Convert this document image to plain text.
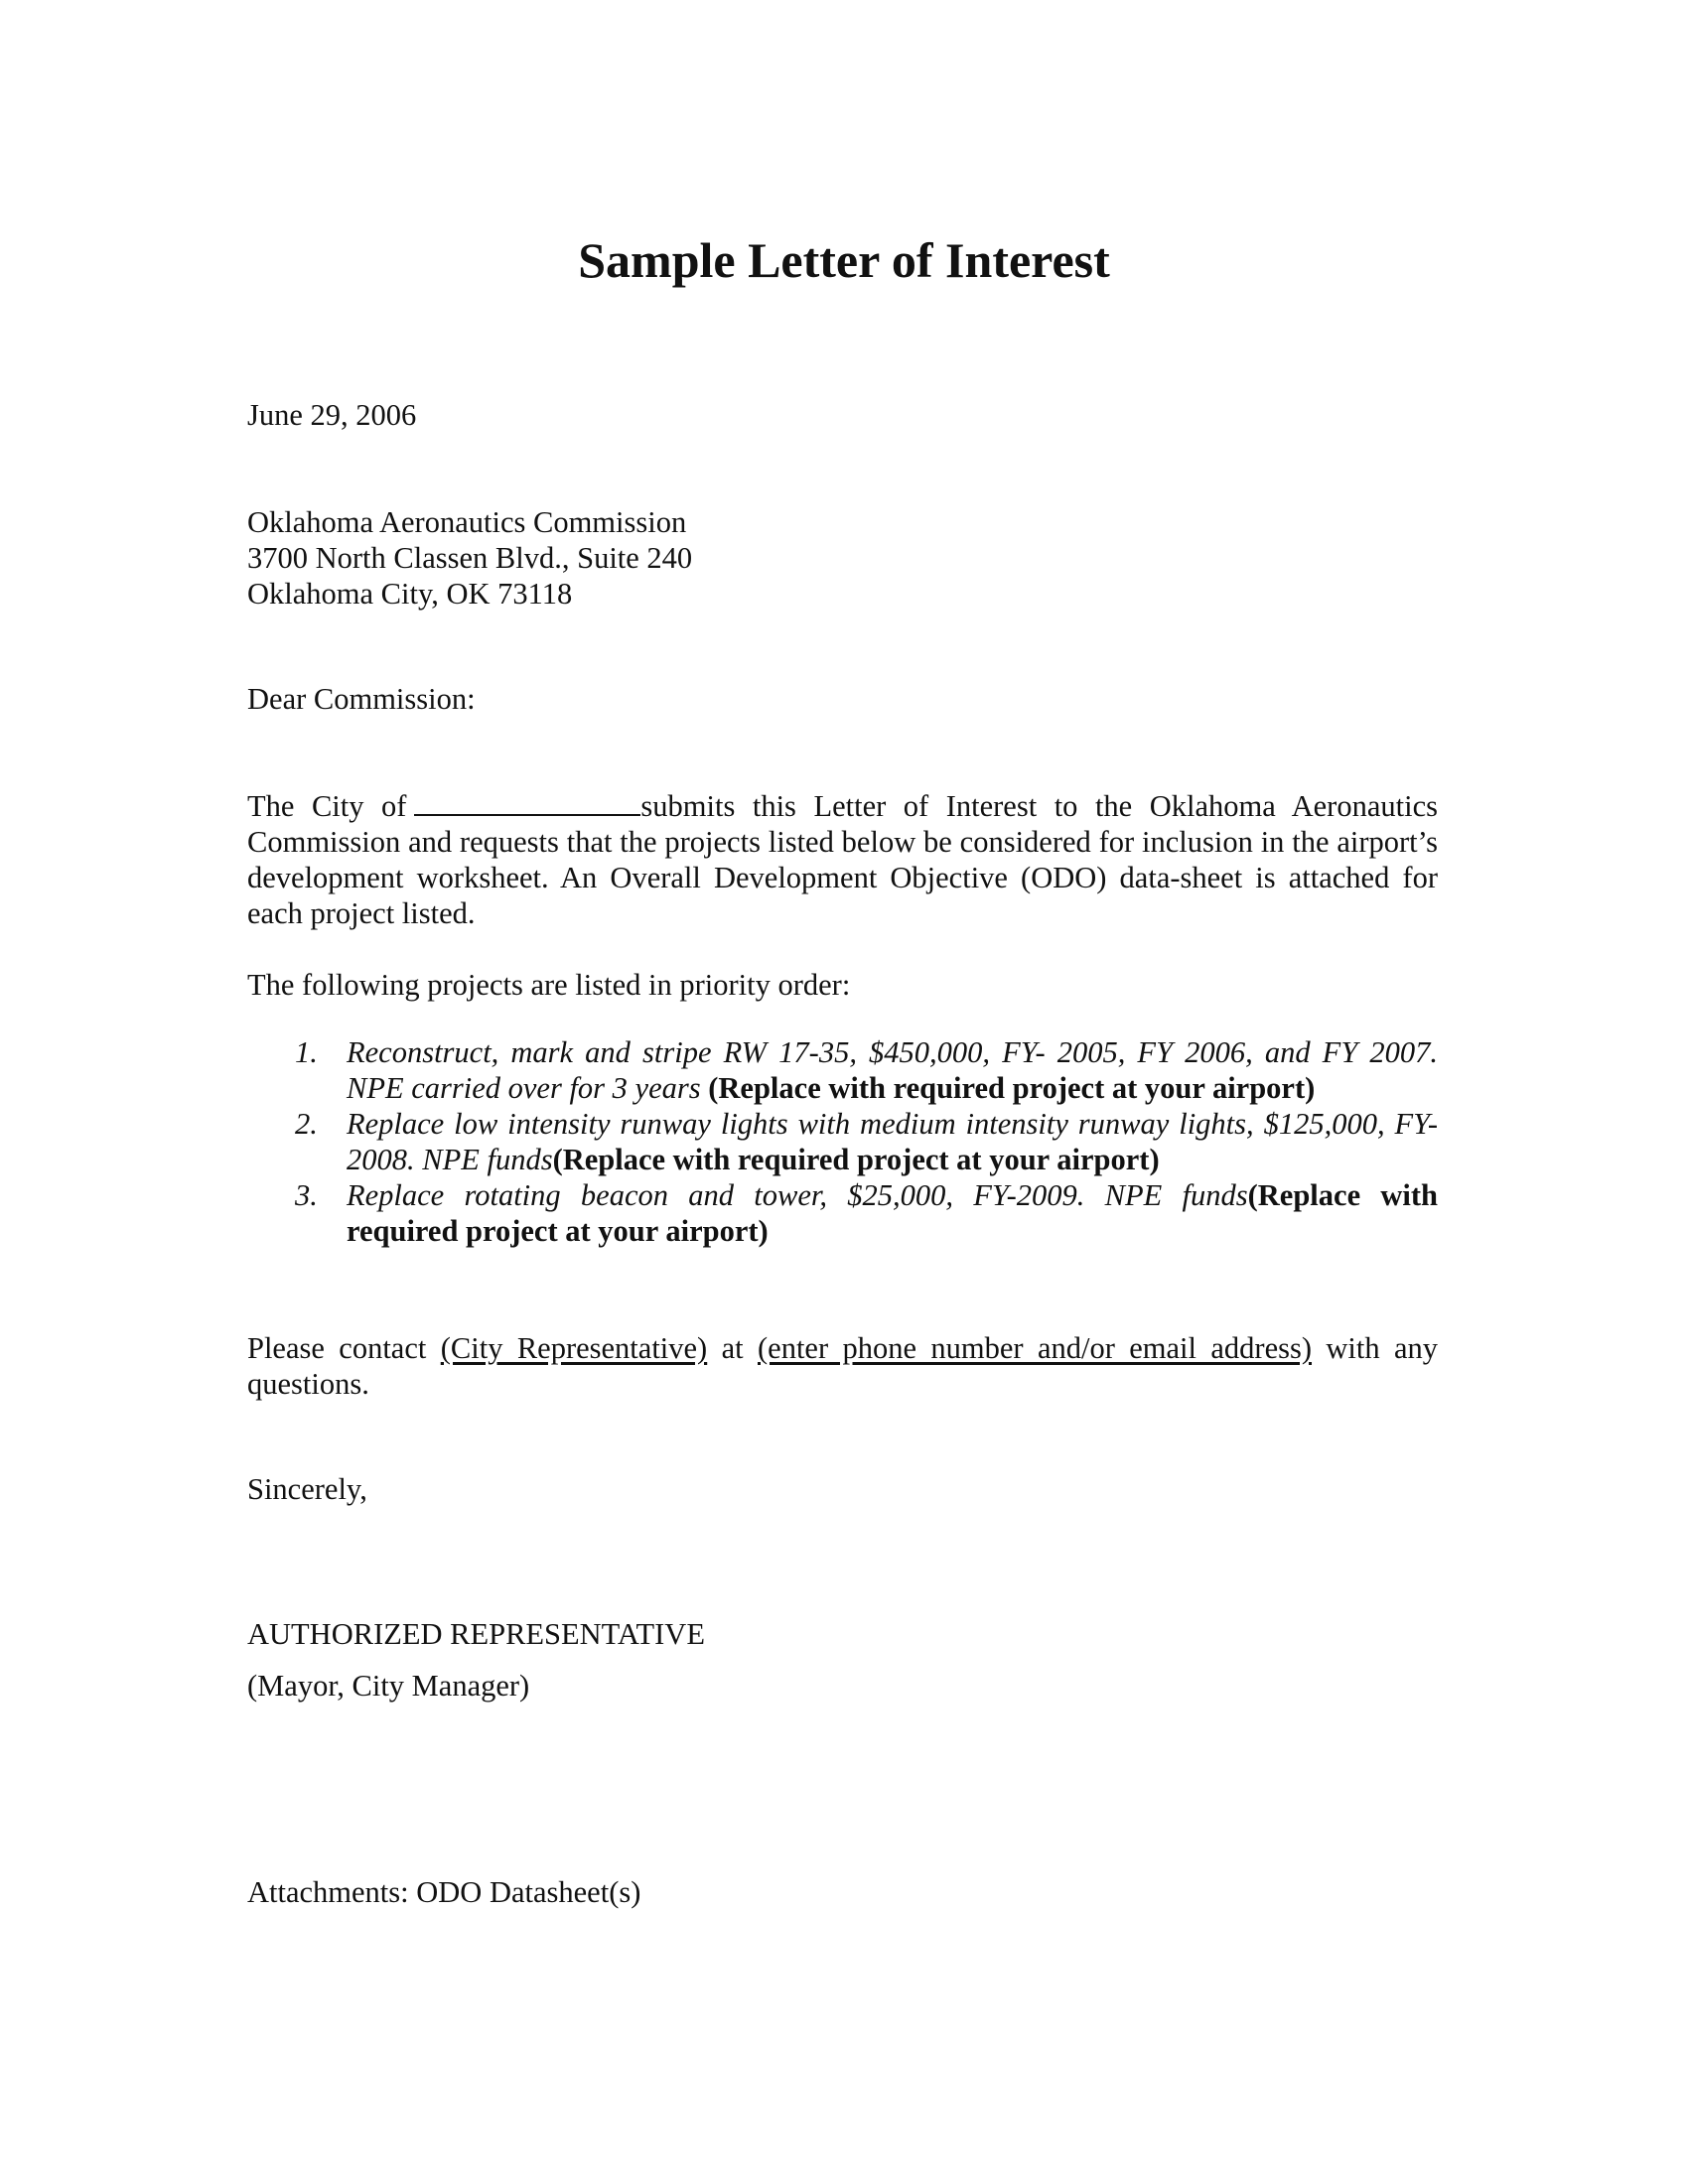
Sample Letter of Interest
June 29, 2006
Oklahoma Aeronautics Commission
3700 North Classen Blvd., Suite 240
Oklahoma City, OK 73118
Dear Commission:
The City of	submits this Letter of Interest to the Oklahoma Aeronautics Commission and requests that the projects listed below be considered for inclusion in the airport’s development worksheet. An Overall Development Objective (ODO) data-sheet is attached for each project listed.
The following projects are listed in priority order:
1. Reconstruct, mark and stripe RW 17-35, $450,000, FY- 2005, FY 2006, and FY 2007. NPE carried over for 3 years (Replace with required project at your airport)
2. Replace low intensity runway lights with medium intensity runway lights, $125,000, FY-2008. NPE funds(Replace with required project at your airport)
3. Replace rotating beacon and tower, $25,000, FY-2009. NPE funds(Replace with required project at your airport)
Please contact (City Representative) at (enter phone number and/or email address) with any questions.
Sincerely,
AUTHORIZED REPRESENTATIVE
(Mayor, City Manager)
Attachments: ODO Datasheet(s)
